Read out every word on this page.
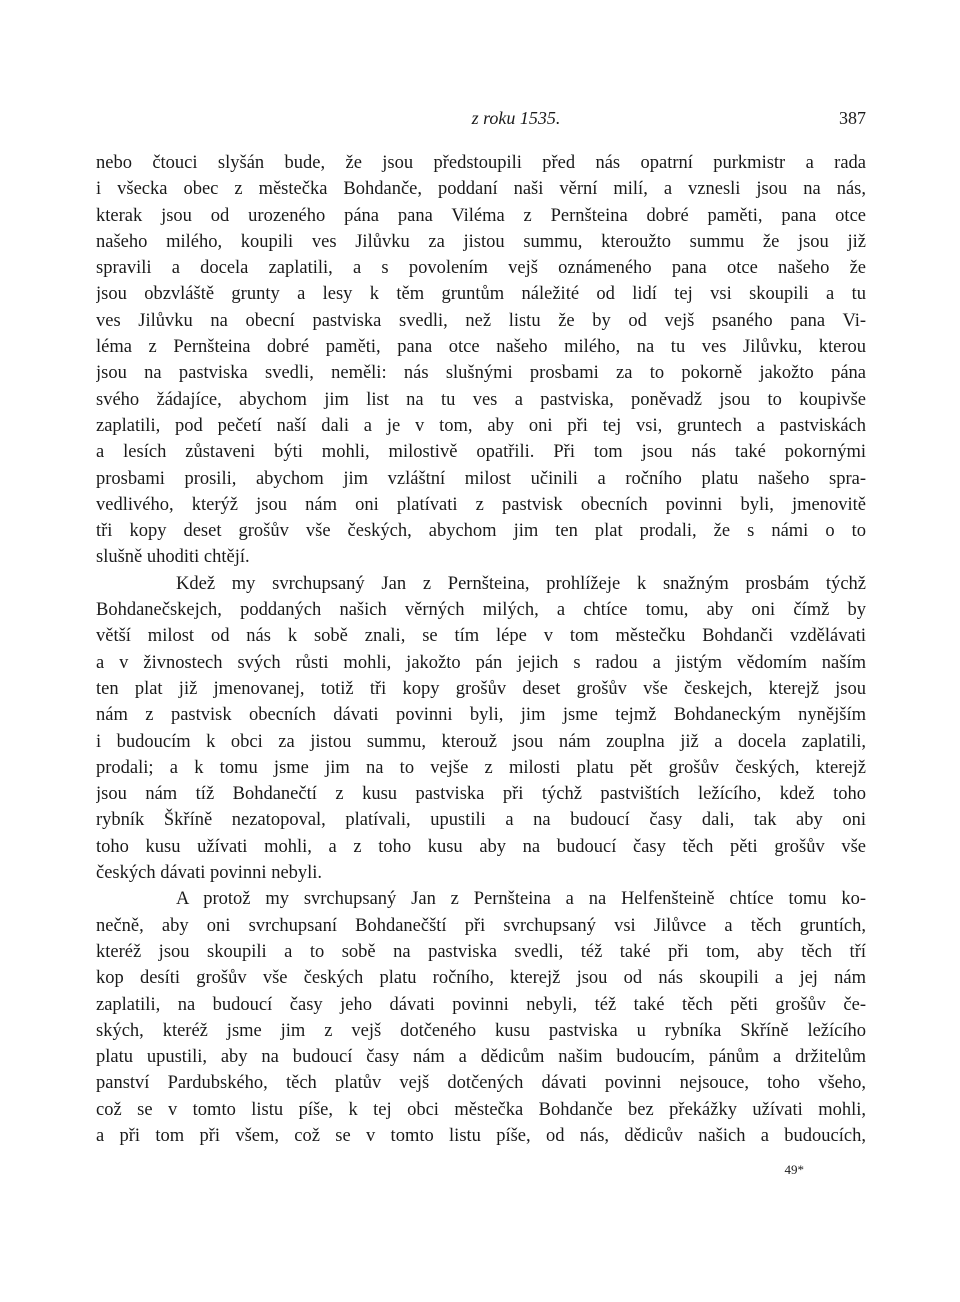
z roku 1535.	387
nebo čtouci slyšán bude, že jsou předstoupili před nás opatrní purkmistr a rada
i všecka obec z městečka Bohdanče, poddaní naši věrní milí, a vznesli jsou na nás,
kterak jsou od urozeného pána pana Viléma z Pernšteina dobré paměti, pana otce
našeho milého, koupili ves Jilůvku za jistou summu, kteroužto summu že jsou již
spravili a docela zaplatili, a s povolením vejš oznámeného pana otce našeho že
jsou obzvláště grunty a lesy k těm gruntům náležité od lidí tej vsi skoupili a tu
ves Jilůvku na obecní pastviska svedli, než listu že by od vejš psaného pana Vi-
léma z Pernšteina dobré paměti, pana otce našeho milého, na tu ves Jilůvku, kterou
jsou na pastviska svedli, neměli: nás slušnými prosbami za to pokorně jakožto pána
svého žádajíce, abychom jim list na tu ves a pastviska, poněvadž jsou to koupivše
zaplatili, pod pečetí naší dali a je v tom, aby oni při tej vsi, gruntech a pastviskách
a lesích zůstaveni býti mohli, milostivě opatřili. Při tom jsou nás také pokornými
prosbami prosili, abychom jim vzláštní milost učinili a ročního platu našeho spra-
vedlivého, kterýž jsou nám oni platívati z pastvisk obecních povinni byli, jmenovitě
tři kopy deset grošův vše českých, abychom jim ten plat prodali, že s námi o to
slušně uhoditi chtějí.
Kdež my svrchupsaný Jan z Pernšteina, prohlížeje k snažným prosbám týchž
Bohdanečskejch, poddaných našich věrných milých, a chtíce tomu, aby oni čímž by
větší milost od nás k sobě znali, se tím lépe v tom městečku Bohdanči vzdělávati
a v živnostech svých růsti mohli, jakožto pán jejich s radou a jistým vědomím naším
ten plat již jmenovanej, totiž tři kopy grošův deset grošův vše českejch, kterejž jsou
nám z pastvisk obecních dávati povinni byli, jim jsme tejmž Bohdaneckým nynějším
i budoucím k obci za jistou summu, kterouž jsou nám zouplna již a docela zaplatili,
prodali; a k tomu jsme jim na to vejše z milosti platu pět grošův českých, kterejž
jsou nám tíž Bohdanečtí z kusu pastviska při týchž pastvištích ležícího, kdež toho
rybník Škříně nezatopoval, platívali, upustili a na budoucí časy dali, tak aby oni
toho kusu užívati mohli, a z toho kusu aby na budoucí časy těch pěti grošův vše
českých dávati povinni nebyli.
A protož my svrchupsaný Jan z Pernšteina a na Helfenšteině chtíce tomu ko-
nečně, aby oni svrchupsaní Bohdanečští při svrchupsaný vsi Jilůvce a těch gruntích,
kteréž jsou skoupili a to sobě na pastviska svedli, též také při tom, aby těch tří
kop desíti grošův vše českých platu ročního, kterejž jsou od nás skoupili a jej nám
zaplatili, na budoucí časy jeho dávati povinni nebyli, též také těch pěti grošův če-
ských, kteréž jsme jim z vejš dotčeného kusu pastviska u rybníka Skříně ležícího
platu upustili, aby na budoucí časy nám a dědicům našim budoucím, pánům a držitelům
panství Pardubského, těch platův vejš dotčených dávati povinni nejsouce, toho všeho,
což se v tomto listu píše, k tej obci městečka Bohdanče bez překážky užívati mohli,
a při tom při všem, což se v tomto listu píše, od nás, dědicův našich a budoucích,
49*
